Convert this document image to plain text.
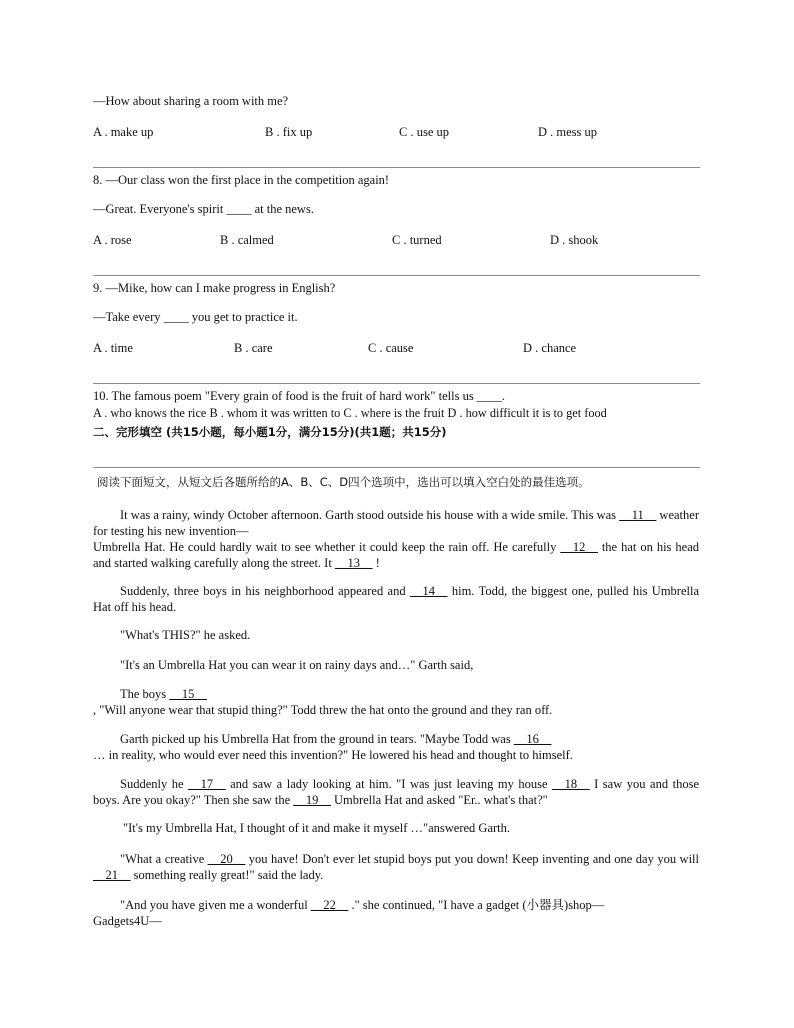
—How about sharing a room with me?
A . make up	B . fix up	C . use up	D . mess up
8. —Our class won the first place in the competition again!
—Great. Everyone's spirit ____ at the news.
A . rose	B . calmed	C . turned	D . shook
9. —Mike, how can I make progress in English?
—Take every ____ you get to practice it.
A . time	B . care	C . cause	D . chance
10. The famous poem "Every grain of food is the fruit of hard work" tells us ____.
A . who knows the rice B . whom it was written to C . where is the fruit D . how difficult it is to get food
二、完形填空 (共15小题，每小题1分，满分15分)(共1题；共15分)
阅读下面短文，从短文后各题所给的A、B、C、D四个选项中，选出可以填入空白处的最佳选项。
It was a rainy, windy October afternoon. Garth stood outside his house with a wide smile. This was __11__ weather for testing his new invention—
Umbrella Hat. He could hardly wait to see whether it could keep the rain off. He carefully __12__ the hat on his head and started walking carefully along the street. It __13__ !
Suddenly, three boys in his neighborhood appeared and __14__ him. Todd, the biggest one, pulled his Umbrella Hat off his head.
"What's THIS?" he asked.
"It's an Umbrella Hat you can wear it on rainy days and…" Garth said,
The boys __15__
, "Will anyone wear that stupid thing?" Todd threw the hat onto the ground and they ran off.
Garth picked up his Umbrella Hat from the ground in tears. "Maybe Todd was __16__
… in reality, who would ever need this invention?" He lowered his head and thought to himself.
Suddenly he __17__ and saw a lady looking at him. "I was just leaving my house __18__ I saw you and those boys. Are you okay?" Then she saw the __19__ Umbrella Hat and asked "Er.. what's that?"
"It's my Umbrella Hat, I thought of it and make it myself …"answered Garth.
"What a creative __20__ you have! Don't ever let stupid boys put you down! Keep inventing and one day you will __21__ something really great!" said the lady.
"And you have given me a wonderful __22__ ." she continued, "I have a gadget (小器具)shop—
Gadgets4U—
